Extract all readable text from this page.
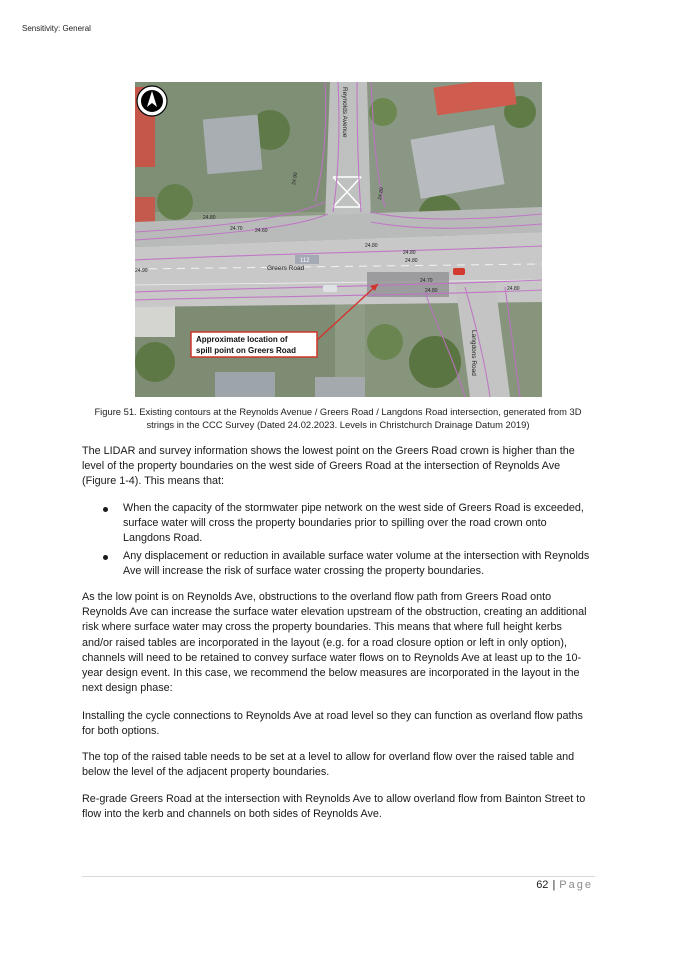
Sensitivity: General
24.80
24.70 24.60
24.80
24.80
24.90
24.80
24.70
24.80	24.80
24.90
24.80
Reynolds Avenue
Greers Road
112
Langdons Road
Approximate location of
spill point on Greers Road
Figure 51. Existing contours at the Reynolds Avenue / Greers Road / Langdons Road intersection, generated from 3D strings in the CCC Survey (Dated 24.02.2023. Levels in Christchurch Drainage Datum 2019)

The LIDAR and survey information shows the lowest point on the Greers Road crown is higher than the level of the property boundaries on the west side of Greers Road at the intersection of Reynolds Ave (Figure 1-4). This means that:

When the capacity of the stormwater pipe network on the west side of Greers Road is exceeded, surface water will cross the property boundaries prior to spilling over the road crown onto Langdons Road.
Any displacement or reduction in available surface water volume at the intersection with Reynolds Ave will increase the risk of surface water crossing the property boundaries.

As the low point is on Reynolds Ave, obstructions to the overland flow path from Greers Road onto Reynolds Ave can increase the surface water elevation upstream of the obstruction, creating an additional risk where surface water may cross the property boundaries. This means that where full height kerbs and/or raised tables are incorporated in the layout (e.g. for a road closure option or left in only option), channels will need to be retained to convey surface water flows on to Reynolds Ave at least up to the 10-year design event. In this case, we recommend the below measures are incorporated in the layout in the next design phase:

Installing the cycle connections to Reynolds Ave at road level so they can function as overland flow paths for both options.

The top of the raised table needs to be set at a level to allow for overland flow over the raised table and below the level of the adjacent property boundaries.

Re-grade Greers Road at the intersection with Reynolds Ave to allow overland flow from Bainton Street to flow into the kerb and channels on both sides of Reynolds Ave.

62 | Page
